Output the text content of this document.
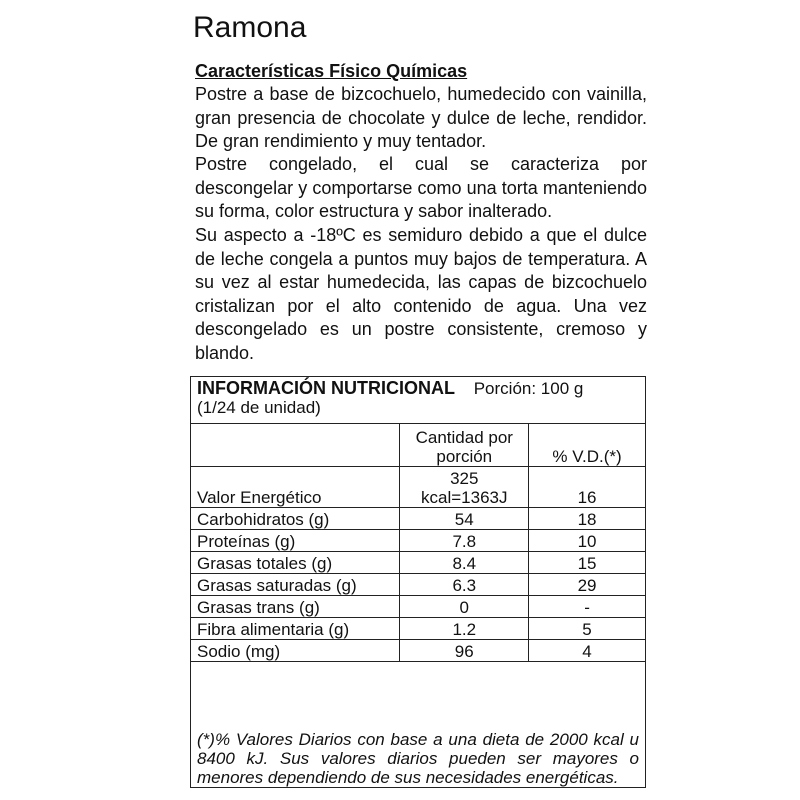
Ramona
Características Físico Químicas

Postre a base de bizcochuelo, humedecido con vainilla, gran presencia de chocolate y dulce de leche, rendidor. De gran rendimiento y muy tentador.

Postre congelado, el cual se caracteriza por descongelar y comportarse como una torta manteniendo su forma, color estructura y sabor inalterado.

Su aspecto a -18ºC es semiduro debido a que el dulce de leche congela a puntos muy bajos de temperatura. A su vez al estar humedecida, las capas de bizcochuelo cristalizan por el alto contenido de agua. Una vez descongelado es un postre consistente, cremoso y blando.

INFORMACIÓN NUTRICIONAL Porción: 100 g
(1/24 de unidad)		
	Cantidad por porción	% V.D.(*)
Valor Energético	325 kcal=1363J	16
Carbohidratos (g)	54	18
Proteínas (g)	7.8	10
Grasas totales (g)	8.4	15
Grasas saturadas (g)	6.3	29
Grasas trans (g)	0	-
Fibra alimentaria (g)	1.2	5
Sodio (mg)	96	4
(*)% Valores Diarios con base a una dieta de 2000 kcal u 8400 kJ. Sus valores diarios pueden ser mayores o menores dependiendo de sus necesidades energéticas.		
